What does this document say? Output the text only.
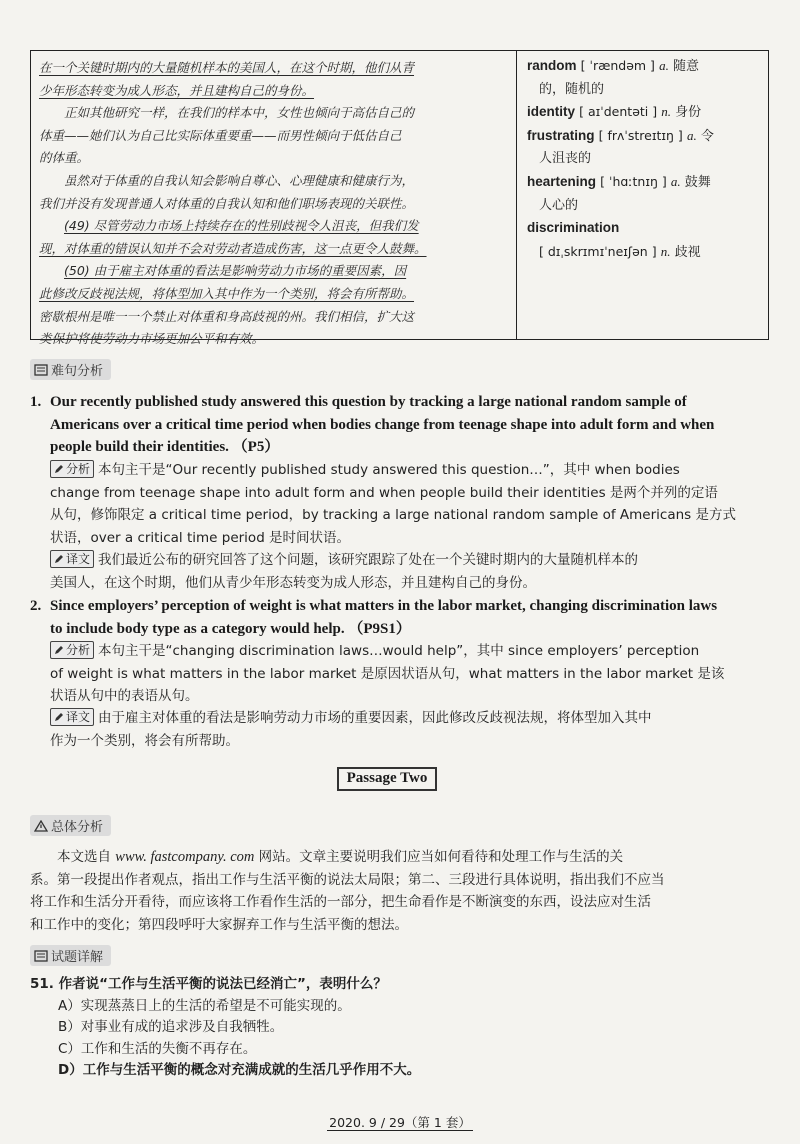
在一个关键时期内的大量随机样本的美国人，在这个时期，他们从青

少年形态转变为成人形态，并且建构自己的身份。

正如其他研究一样，在我们的样本中，女性也倾向于高估自己的

体重——她们认为自己比实际体重要重——而男性倾向于低估自己

的体重。

虽然对于体重的自我认知会影响自尊心、心理健康和健康行为，

我们并没有发现普通人对体重的自我认知和他们职场表现的关联性。

(49) 尽管劳动力市场上持续存在的性别歧视令人沮丧，但我们发

现，对体重的错误认知并不会对劳动者造成伤害，这一点更令人鼓舞。

(50) 由于雇主对体重的看法是影响劳动力市场的重要因素，因

此修改反歧视法规，将体型加入其中作为一个类别，将会有所帮助。

密歇根州是唯一一个禁止对体重和身高歧视的州。我们相信，扩大这

类保护将使劳动力市场更加公平和有效。

random [ ˈrændəm ] a. 随意
的，随机的
identity [ aɪˈdentəti ] n. 身份
frustrating [ frʌˈstreɪtɪŋ ] a. 令
人沮丧的
heartening [ ˈhɑːtnɪŋ ] a. 鼓舞
人心的
discrimination
[ dɪˌskrɪmɪˈneɪʃən ] n. 歧视
难句分析
1. Our recently published study answered this question by tracking a large national random sample of
Americans over a critical time period when bodies change from teenage shape into adult form and when
people build their identities. （P5）
分析 本句主干是“Our recently published study answered this question…”，其中 when bodies
change from teenage shape into adult form and when people build their identities 是两个并列的定语
从句，修饰限定 a critical time period，by tracking a large national random sample of Americans 是方式
状语，over a critical time period 是时间状语。
译文 我们最近公布的研究回答了这个问题，该研究跟踪了处在一个关键时期内的大量随机样本的
美国人，在这个时期，他们从青少年形态转变为成人形态，并且建构自己的身份。
2. Since employers’ perception of weight is what matters in the labor market, changing discrimination laws
to include body type as a category would help. （P9S1）
分析 本句主干是“changing discrimination laws…would help”，其中 since employers’ perception
of weight is what matters in the labor market 是原因状语从句，what matters in the labor market 是该
状语从句中的表语从句。
译文 由于雇主对体重的看法是影响劳动力市场的重要因素，因此修改反歧视法规，将体型加入其中
作为一个类别，将会有所帮助。
Passage Two
总体分析
本文选自 www. fastcompany. com 网站。文章主要说明我们应当如何看待和处理工作与生活的关
系。第一段提出作者观点，指出工作与生活平衡的说法太局限；第二、三段进行具体说明，指出我们不应当
将工作和生活分开看待，而应该将工作看作生活的一部分，把生命看作是不断演变的东西，设法应对生活
和工作中的变化；第四段呼吁大家摒弃工作与生活平衡的想法。
试题详解
51. 作者说“工作与生活平衡的说法已经消亡”，表明什么？
A）实现蒸蒸日上的生活的希望是不可能实现的。
B）对事业有成的追求涉及自我牺牲。
C）工作和生活的失衡不再存在。
D）工作与生活平衡的概念对充满成就的生活几乎作用不大。
2020. 9 / 29（第 1 套）
